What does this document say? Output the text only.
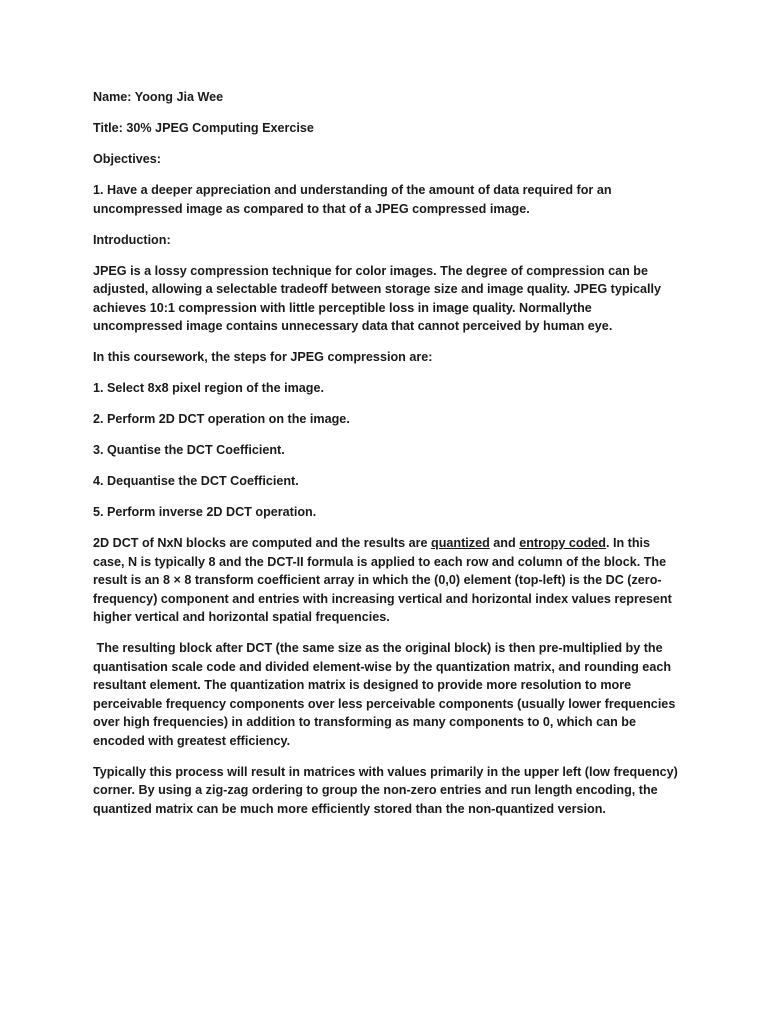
Name: Yoong Jia Wee

Title: 30% JPEG Computing Exercise

Objectives:

1. Have a deeper appreciation and understanding of the amount of data required for an uncompressed image as compared to that of a JPEG compressed image.

Introduction:

JPEG is a lossy compression technique for color images. The degree of compression can be adjusted, allowing a selectable tradeoff between storage size and image quality. JPEG typically achieves 10:1 compression with little perceptible loss in image quality. Normallythe uncompressed image contains unnecessary data that cannot perceived by human eye.

In this coursework, the steps for JPEG compression are:

1. Select 8x8 pixel region of the image.

2. Perform 2D DCT operation on the image.

3. Quantise the DCT Coefficient.

4. Dequantise the DCT Coefficient.

5. Perform inverse 2D DCT operation.

2D DCT of NxN blocks are computed and the results are quantized and entropy coded. In this case, N is typically 8 and the DCT-II formula is applied to each row and column of the block. The result is an 8 × 8 transform coefficient array in which the (0,0) element (top-left) is the DC (zero-frequency) component and entries with increasing vertical and horizontal index values represent higher vertical and horizontal spatial frequencies.

The resulting block after DCT (the same size as the original block) is then pre-multiplied by the quantisation scale code and divided element-wise by the quantization matrix, and rounding each resultant element. The quantization matrix is designed to provide more resolution to more perceivable frequency components over less perceivable components (usually lower frequencies over high frequencies) in addition to transforming as many components to 0, which can be encoded with greatest efficiency.

Typically this process will result in matrices with values primarily in the upper left (low frequency) corner. By using a zig-zag ordering to group the non-zero entries and run length encoding, the quantized matrix can be much more efficiently stored than the non-quantized version.
